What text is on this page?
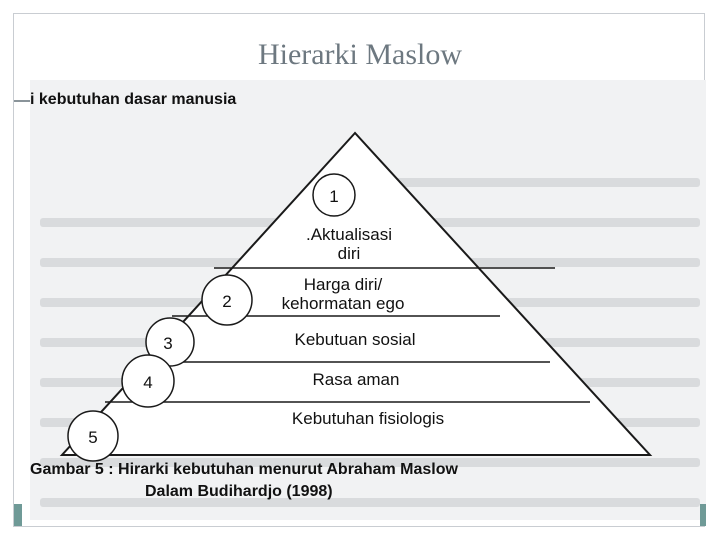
Hierarki Maslow
i kebutuhan dasar manusia
1
.Aktualisasi
diri
2
Harga diri/
kehormatan ego
3	Kebutuan sosial
4	Rasa aman
5
Kebutuhan fisiologis
Gambar 5 : Hirarki kebutuhan menurut Abraham Maslow
Dalam Budihardjo (1998)
